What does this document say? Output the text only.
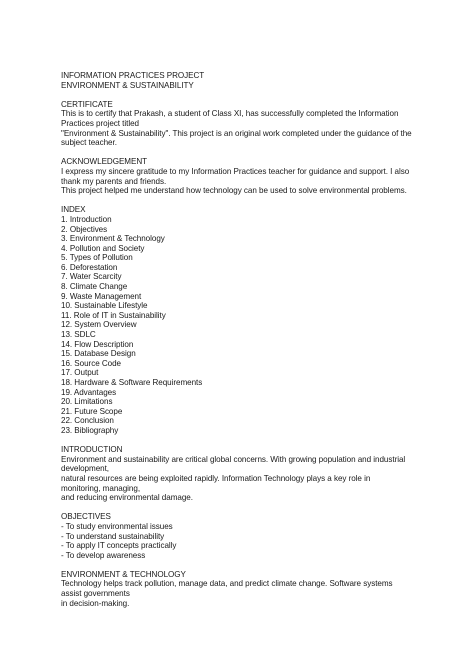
INFORMATION PRACTICES PROJECT
ENVIRONMENT & SUSTAINABILITY
CERTIFICATE
This is to certify that Prakash, a student of Class XI, has successfully completed the Information
Practices project titled
"Environment & Sustainability". This project is an original work completed under the guidance of the
subject teacher.
ACKNOWLEDGEMENT
I express my sincere gratitude to my Information Practices teacher for guidance and support. I also
thank my parents and friends.
This project helped me understand how technology can be used to solve environmental problems.
INDEX
1. Introduction
2. Objectives
3. Environment & Technology
4. Pollution and Society
5. Types of Pollution
6. Deforestation
7. Water Scarcity
8. Climate Change
9. Waste Management
10. Sustainable Lifestyle
11. Role of IT in Sustainability
12. System Overview
13. SDLC
14. Flow Description
15. Database Design
16. Source Code
17. Output
18. Hardware & Software Requirements
19. Advantages
20. Limitations
21. Future Scope
22. Conclusion
23. Bibliography
INTRODUCTION
Environment and sustainability are critical global concerns. With growing population and industrial
development,
natural resources are being exploited rapidly. Information Technology plays a key role in
monitoring, managing,
and reducing environmental damage.
OBJECTIVES
- To study environmental issues
- To understand sustainability
- To apply IT concepts practically
- To develop awareness
ENVIRONMENT & TECHNOLOGY
Technology helps track pollution, manage data, and predict climate change. Software systems
assist governments
in decision-making.
